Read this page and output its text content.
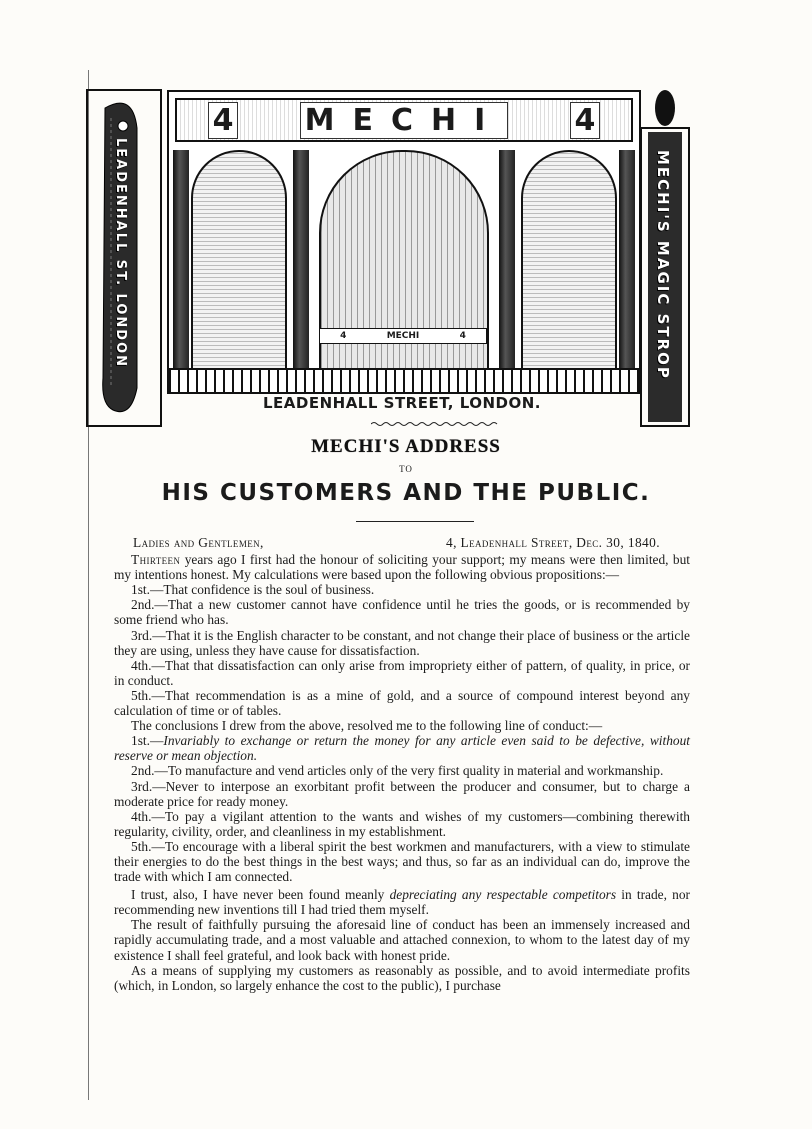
LEADENHALL ST. LONDON
4 MECHI 4
4	MECHI	4
LEADENHALL STREET, LONDON.
MECHI'S MAGIC STROP
MECHI'S ADDRESS
TO
HIS CUSTOMERS AND THE PUBLIC.
Ladies and Gentlemen,	4, Leadenhall Street, Dec. 30, 1840.

Thirteen years ago I first had the honour of soliciting your support; my means were then limited, but my intentions honest. My calculations were based upon the following obvious propositions:—

1st.—That confidence is the soul of business.

2nd.—That a new customer cannot have confidence until he tries the goods, or is recommended by some friend who has.

3rd.—That it is the English character to be constant, and not change their place of business or the article they are using, unless they have cause for dissatisfaction.

4th.—That that dissatisfaction can only arise from impropriety either of pattern, of quality, in price, or in conduct.

5th.—That recommendation is as a mine of gold, and a source of compound interest beyond any calculation of time or of tables.

The conclusions I drew from the above, resolved me to the following line of conduct:—

1st.—Invariably to exchange or return the money for any article even said to be defective, without reserve or mean objection.

2nd.—To manufacture and vend articles only of the very first quality in material and workmanship.

3rd.—Never to interpose an exorbitant profit between the producer and consumer, but to charge a moderate price for ready money.

4th.—To pay a vigilant attention to the wants and wishes of my customers—combining therewith regularity, civility, order, and cleanliness in my establishment.

5th.—To encourage with a liberal spirit the best workmen and manufacturers, with a view to stimulate their energies to do the best things in the best ways; and thus, so far as an individual can do, improve the trade with which I am connected.

I trust, also, I have never been found meanly depreciating any respectable competitors in trade, nor recommending new inventions till I had tried them myself.

The result of faithfully pursuing the aforesaid line of conduct has been an immensely increased and rapidly accumulating trade, and a most valuable and attached connexion, to whom to the latest day of my existence I shall feel grateful, and look back with honest pride.

As a means of supplying my customers as reasonably as possible, and to avoid intermediate profits (which, in London, so largely enhance the cost to the public), I purchase
